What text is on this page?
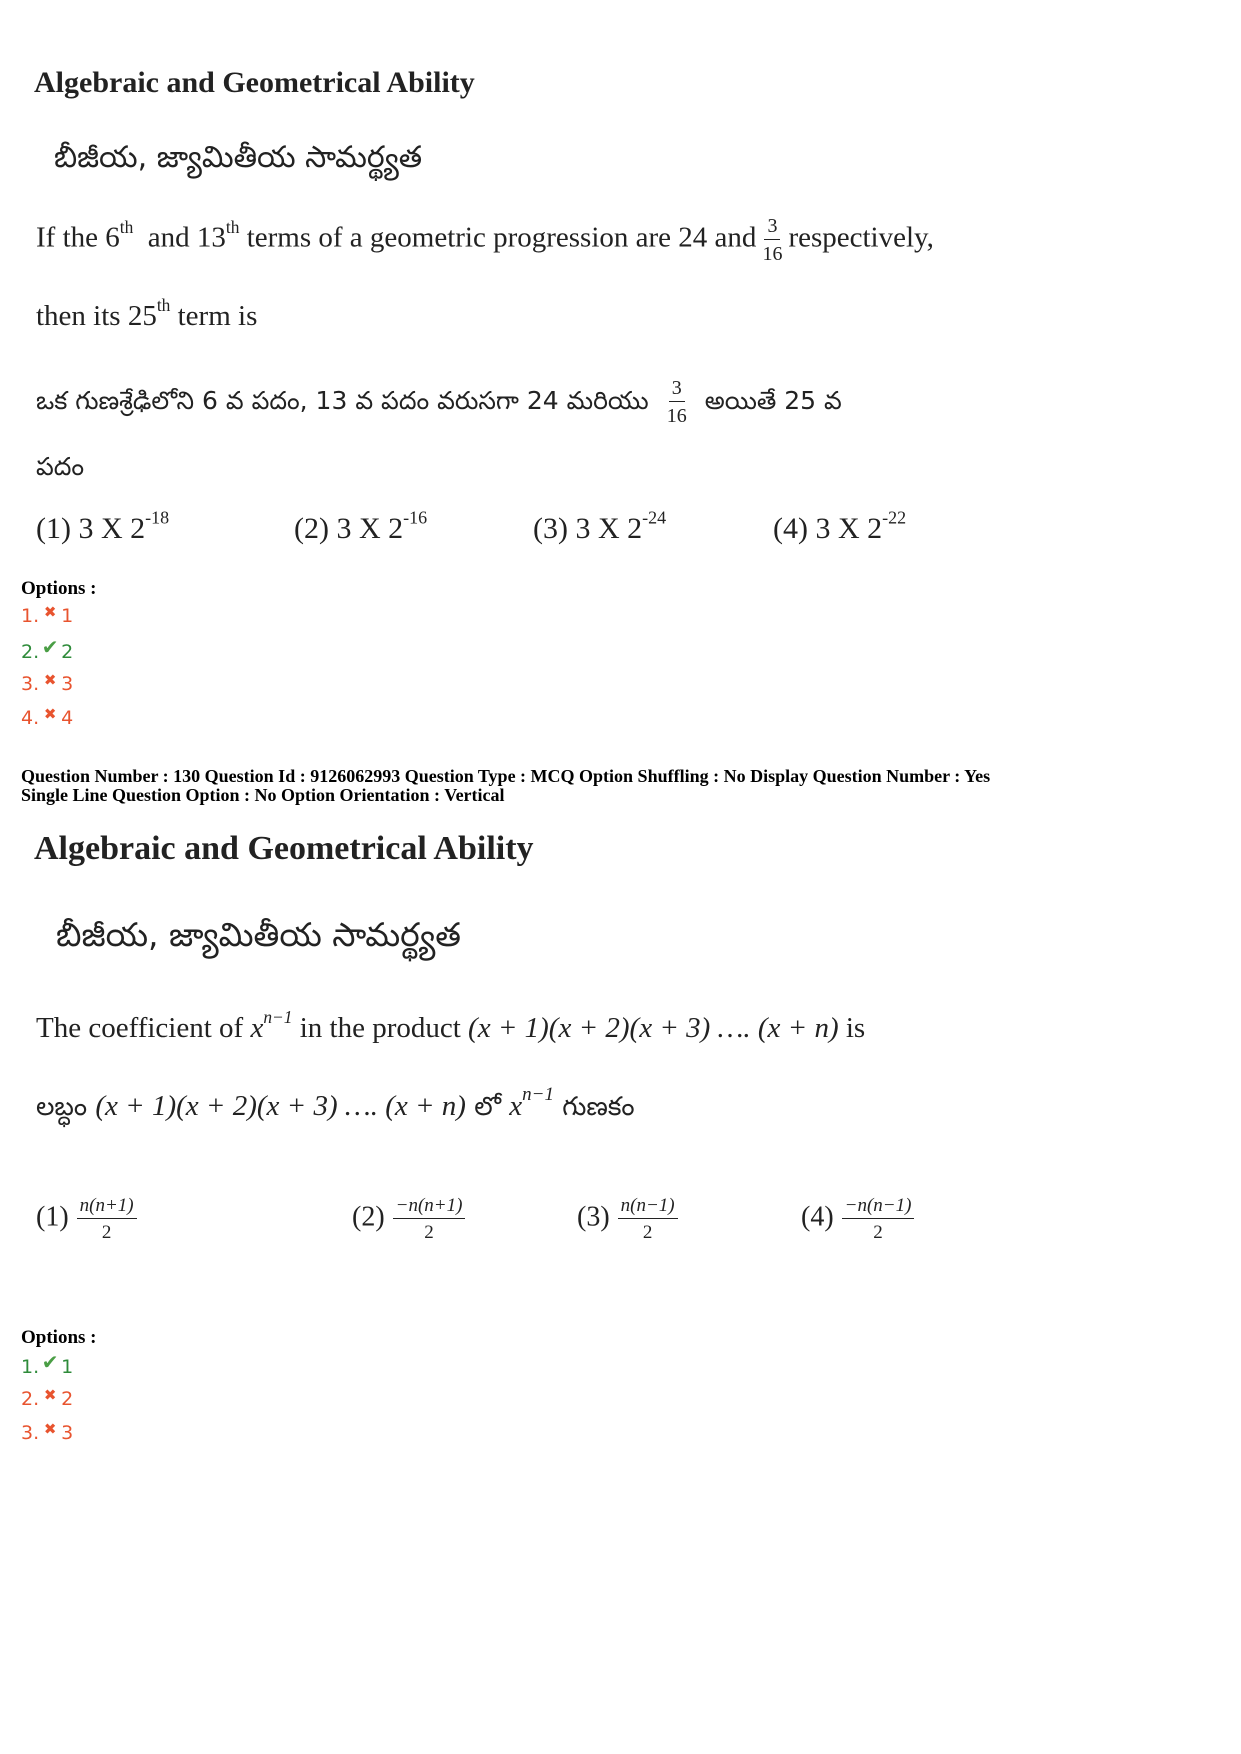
Algebraic and Geometrical Ability
బీజీయ, జ్యామితీయ సామర్థ్యత
If the 6th and 13th terms of a geometric progression are 24 and $\frac{3}{16}$ respectively,
then its 25th term is
ఒక గుణశ్రేఢిలోని 6 వ పదం, 13 వ పదం వరుసగా 24 మరియు $\frac{3}{16}$ అయితే 25 వ
పదం
(1) 3 X $2^{-18}$	(2) 3 X $2^{-16}$	(3) 3 X $2^{-24}$	(4) 3 X $2^{-22}$
Options :
1. ✖ 1
2. ✔ 2
3. ✖ 3
4. ✖ 4
Question Number : 130 Question Id : 9126062993 Question Type : MCQ Option Shuffling : No Display Question Number : Yes
Single Line Question Option : No Option Orientation : Vertical
Algebraic and Geometrical Ability
బీజీయ, జ్యామితీయ సామర్థ్యత
The coefficient of $x^{n-1}$ in the product (x + 1)(x + 2)(x + 3) …. (x + n) is
లబ్ధం (x + 1)(x + 2)(x + 3) …. (x + n) లో $x^{n-1}$ గుణకం
$(1) \frac{n(n+1)}{2}$	$(2) \frac{-n(n+1)}{2}$	$(3) \frac{n(n-1)}{2}$	$(4) \frac{-n(n-1)}{2}$
Options :
1. ✔ 1
2. ✖ 2
3. ✖ 3
